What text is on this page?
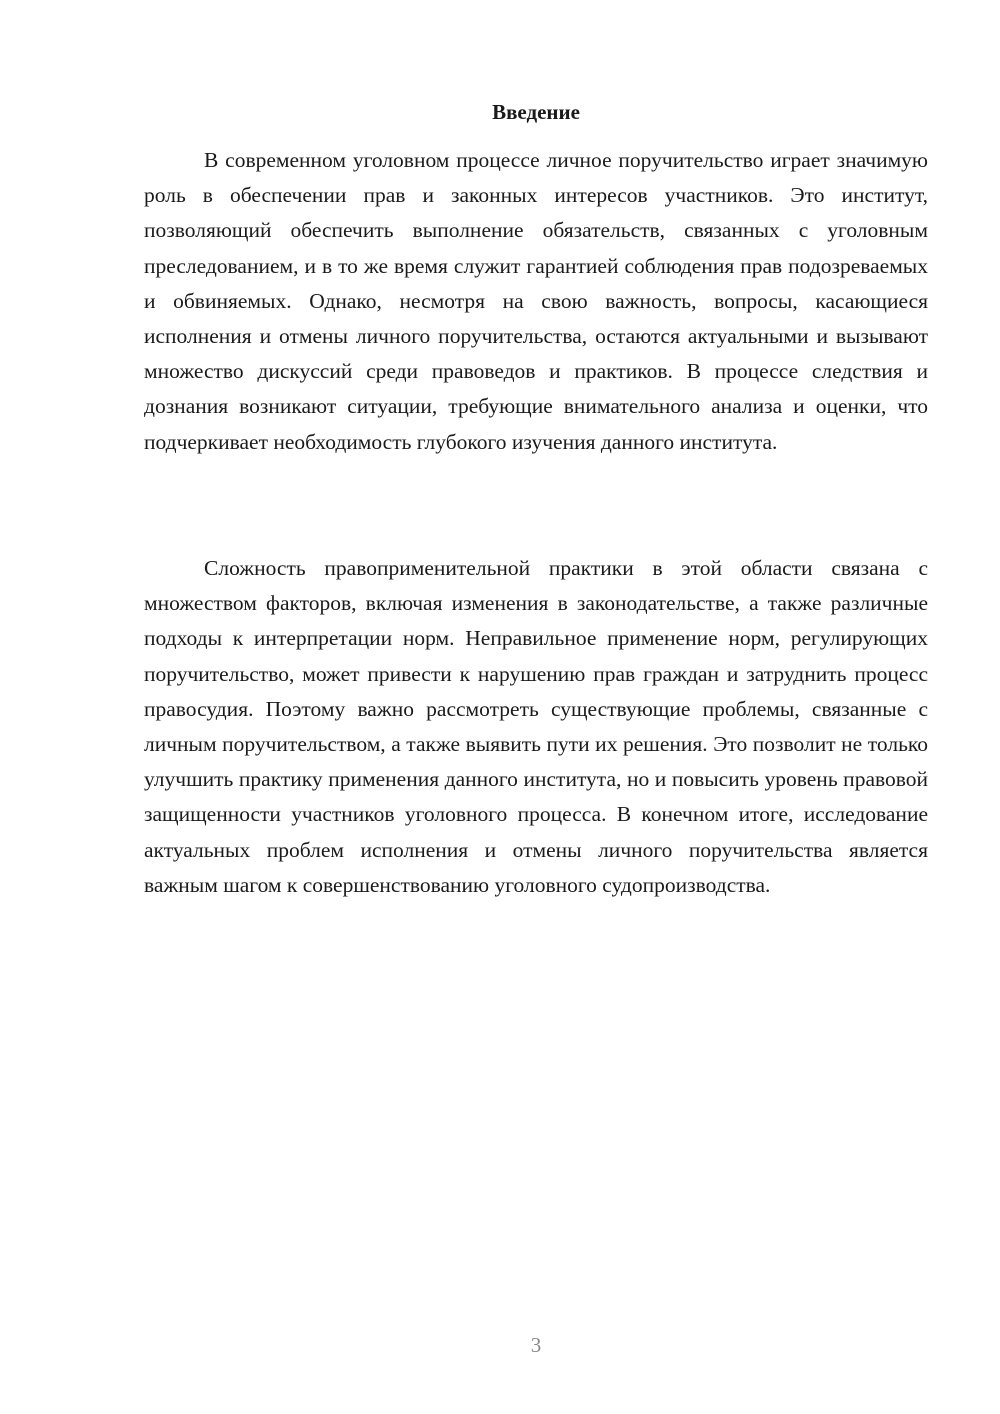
Введение

В современном уголовном процессе личное поручительство играет значимую роль в обеспечении прав и законных интересов участников. Это институт, позволяющий обеспечить выполнение обязательств, связанных с уголовным преследованием, и в то же время служит гарантией соблюдения прав подозреваемых и обвиняемых. Однако, несмотря на свою важность, вопросы, касающиеся исполнения и отмены личного поручительства, остаются актуальными и вызывают множество дискуссий среди правоведов и практиков. В процессе следствия и дознания возникают ситуации, требующие внимательного анализа и оценки, что подчеркивает необходимость глубокого изучения данного института.

Сложность правоприменительной практики в этой области связана с множеством факторов, включая изменения в законодательстве, а также различные подходы к интерпретации норм. Неправильное применение норм, регулирующих поручительство, может привести к нарушению прав граждан и затруднить процесс правосудия. Поэтому важно рассмотреть существующие проблемы, связанные с личным поручительством, а также выявить пути их решения. Это позволит не только улучшить практику применения данного института, но и повысить уровень правовой защищенности участников уголовного процесса. В конечном итоге, исследование актуальных проблем исполнения и отмены личного поручительства является важным шагом к совершенствованию уголовного судопроизводства.

3
